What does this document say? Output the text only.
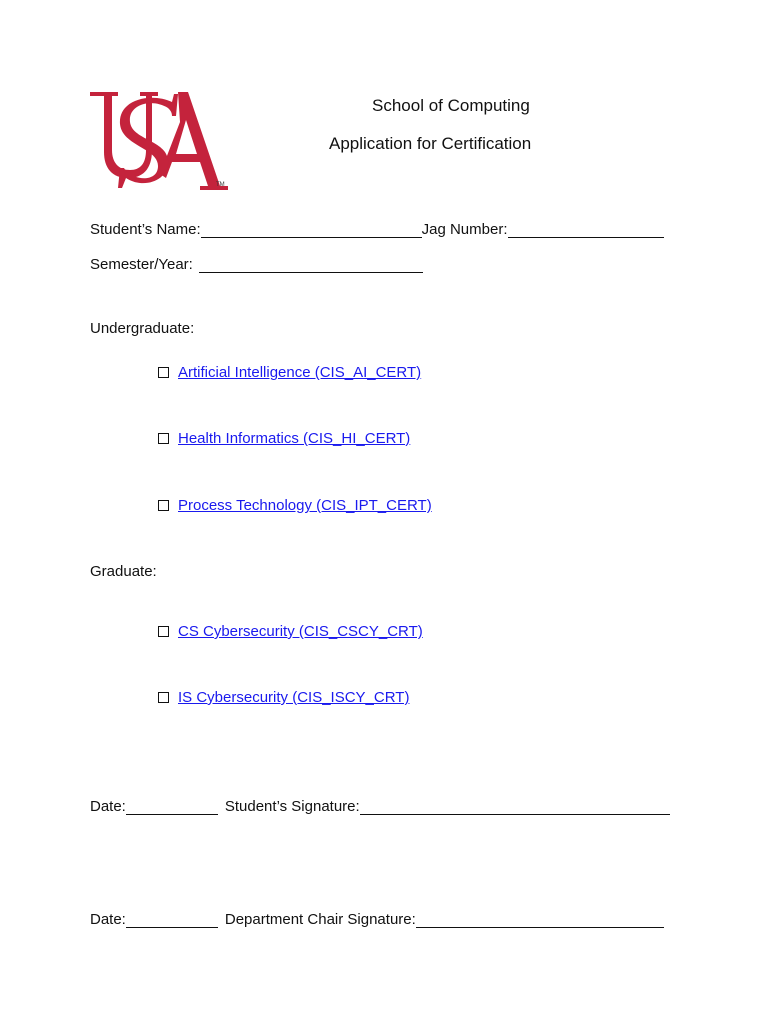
TM
School of Computing
Application for Certification
Student’s Name:	Jag Number:
Semester/Year:
Undergraduate:
Artificial Intelligence (CIS_AI_CERT)
Health Informatics (CIS_HI_CERT)
Process Technology (CIS_IPT_CERT)
Graduate:
CS Cybersecurity (CIS_CSCY_CRT)
IS Cybersecurity (CIS_ISCY_CRT)
Date:	Student’s Signature:
Date:	Department Chair Signature:
